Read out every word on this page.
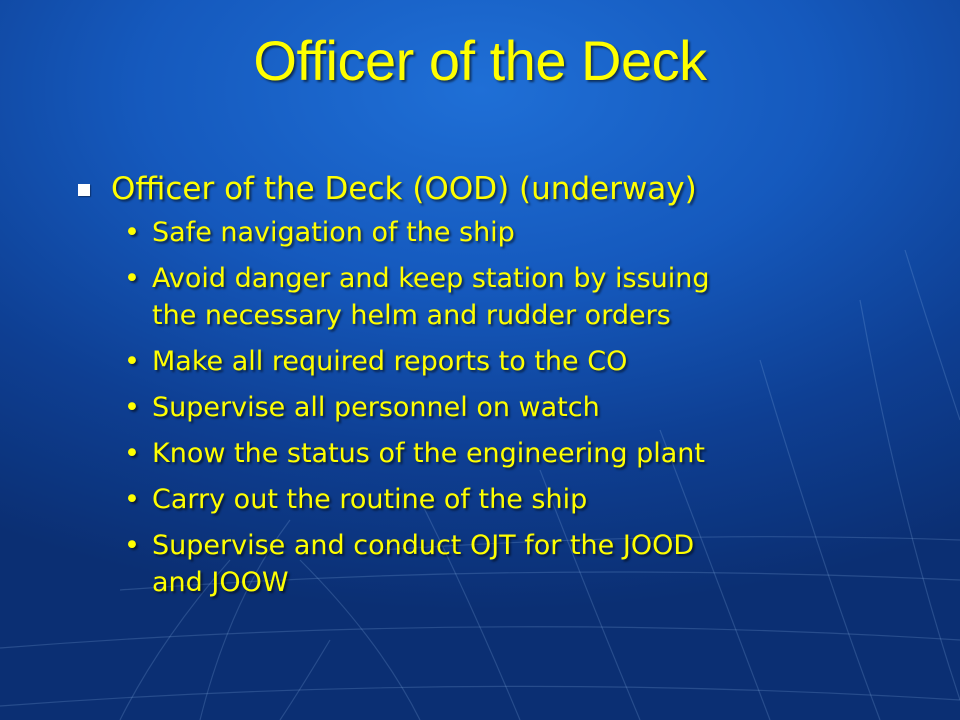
Officer of the Deck
Officer of the Deck (OOD) (underway)
• Safe navigation of the ship
• Avoid danger and keep station by issuing
the necessary helm and rudder orders
• Make all required reports to the CO
• Supervise all personnel on watch
• Know the status of the engineering plant
• Carry out the routine of the ship
• Supervise and conduct OJT for the JOOD
and JOOW
